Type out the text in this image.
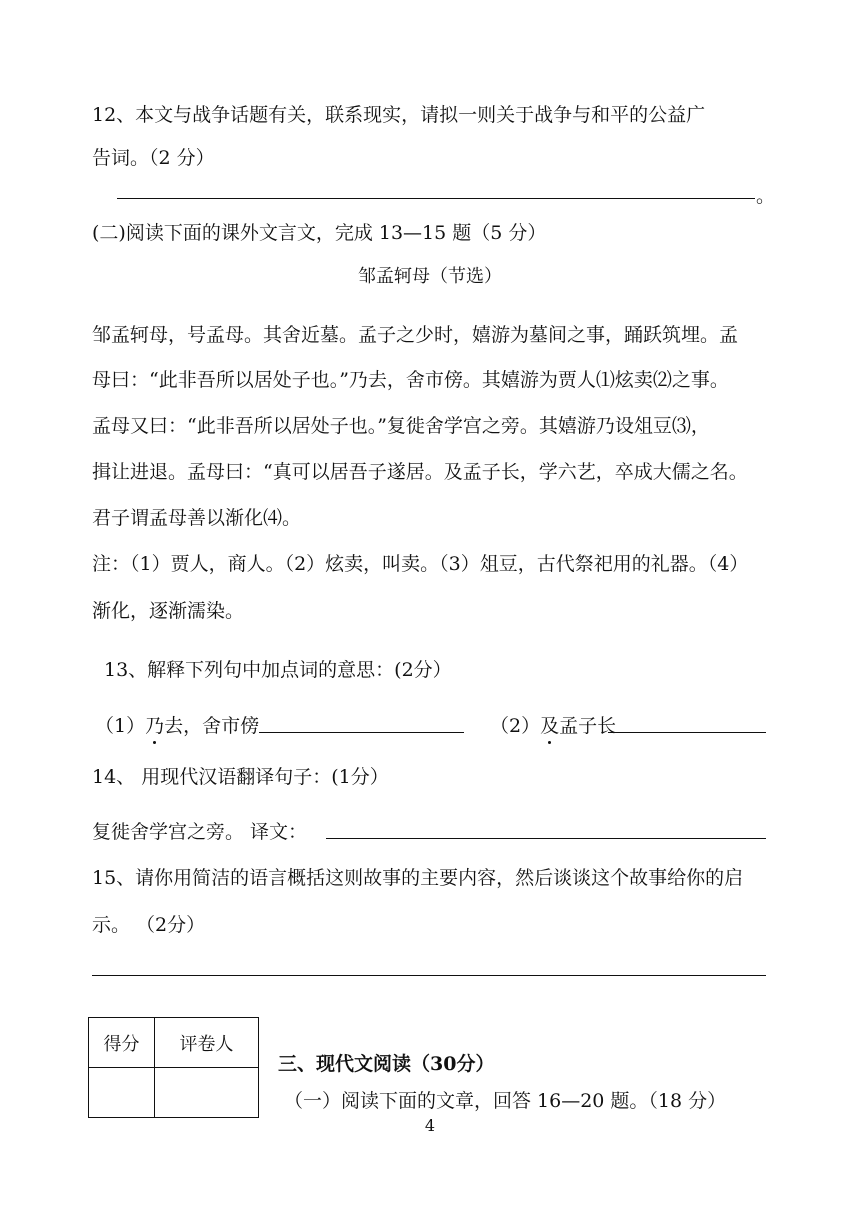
12、本文与战争话题有关，联系现实，请拟一则关于战争与和平的公益广
告词。（2 分）
。
(二)阅读下面的课外文言文，完成 13—15 题（5 分）
邹孟轲母（节选）
邹孟轲母，号孟母。其舍近墓。孟子之少时，嬉游为墓间之事，踊跃筑埋。孟
母曰：“此非吾所以居处子也。”乃去，舍市傍。其嬉游为贾人⑴炫卖⑵之事。
孟母又曰：“此非吾所以居处子也。”复徙舍学宫之旁。其嬉游乃设俎豆⑶，
揖让进退。孟母曰：“真可以居吾子遂居。及孟子长，学六艺，卒成大儒之名。
君子谓孟母善以渐化⑷。
注：（1）贾人，商人。（2）炫卖，叫卖。（3）俎豆，古代祭祀用的礼器。（4）
渐化，逐渐濡染。
13、解释下列句中加点词的意思：(2分）
（1）乃去，舍市傍	（2）及孟子长
14、 用现代汉语翻译句子：(1分）
复徙舍学宫之旁。 译文：
15、请你用简洁的语言概括这则故事的主要内容，然后谈谈这个故事给你的启
示。 （2分）
得分	评卷人

三、现代文阅读（30分）
（一）阅读下面的文章，回答 16—20 题。（18 分）
4
